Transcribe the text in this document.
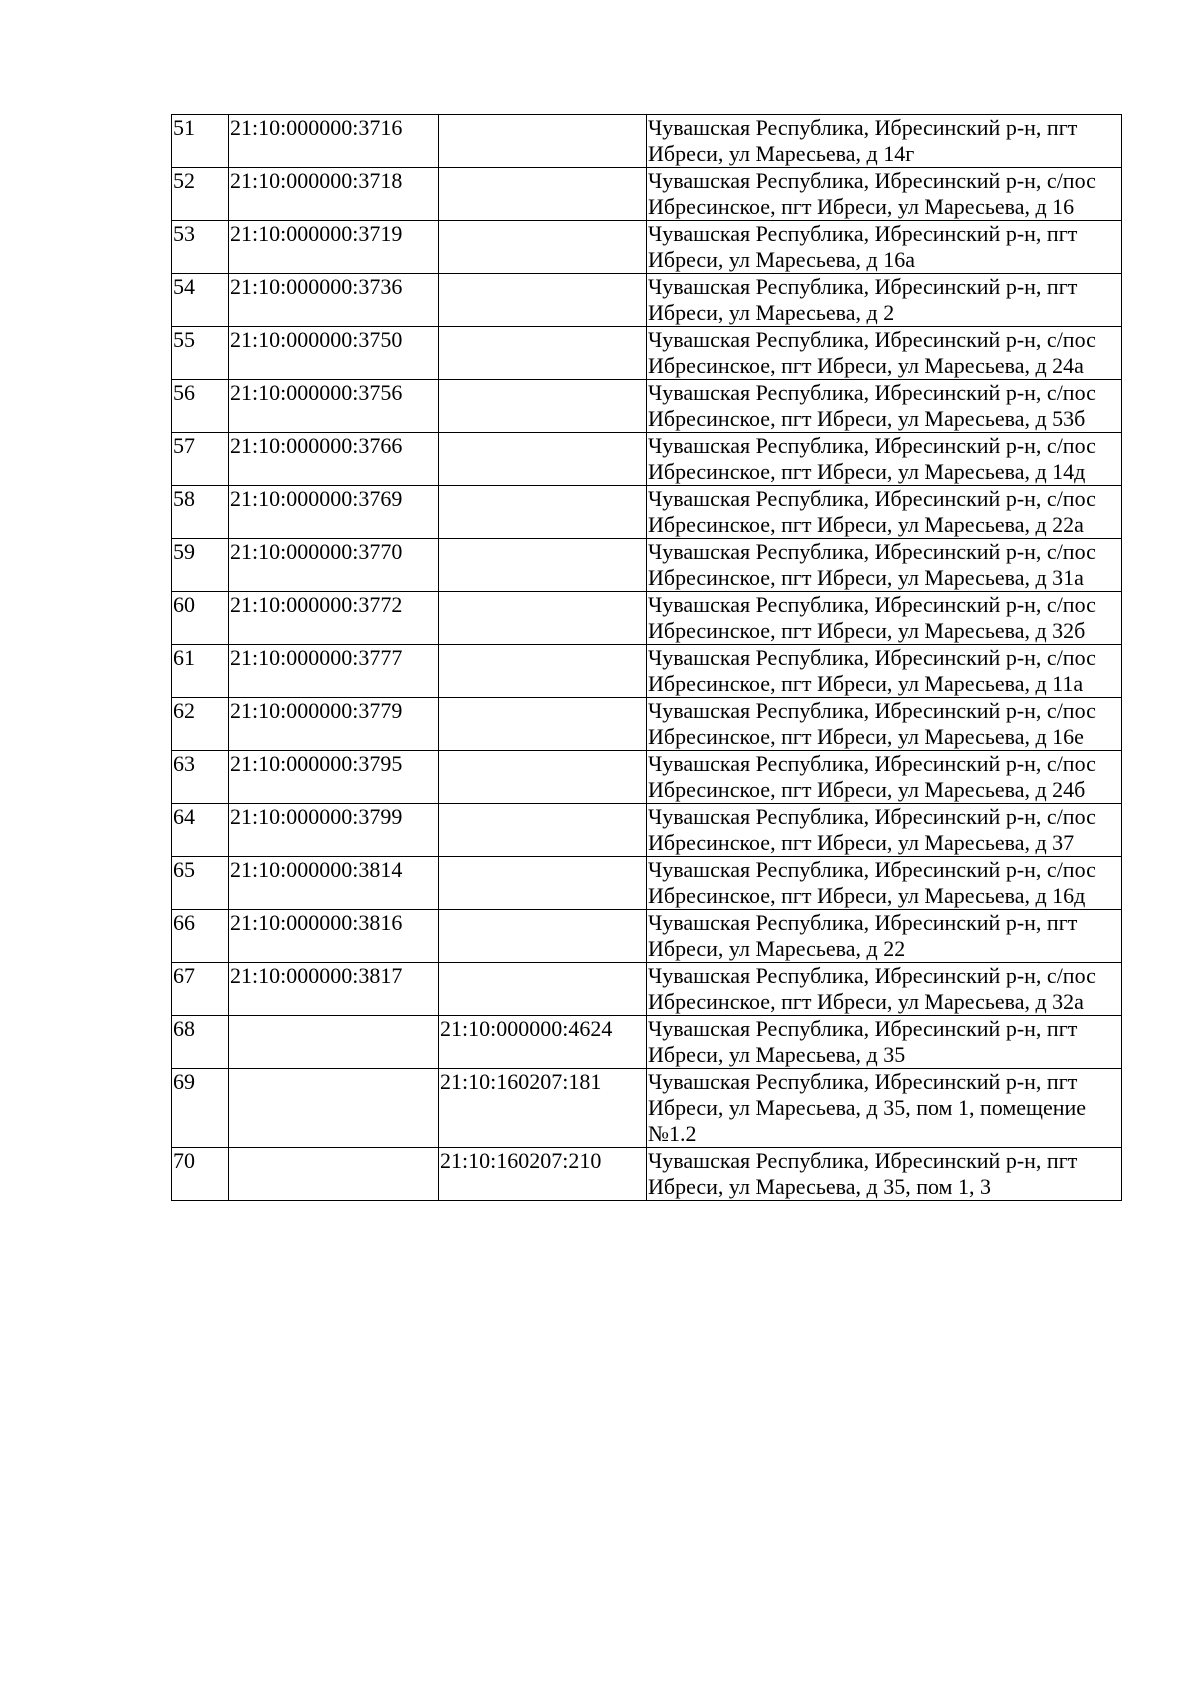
51	21:10:000000:3716		Чувашская Республика, Ибресинский р-н, пгт Ибреси, ул Маресьева, д 14г
52	21:10:000000:3718		Чувашская Республика, Ибресинский р-н, с/пос Ибресинское, пгт Ибреси, ул Маресьева, д 16
53	21:10:000000:3719		Чувашская Республика, Ибресинский р-н, пгт Ибреси, ул Маресьева, д 16а
54	21:10:000000:3736		Чувашская Республика, Ибресинский р-н, пгт Ибреси, ул Маресьева, д 2
55	21:10:000000:3750		Чувашская Республика, Ибресинский р-н, с/пос Ибресинское, пгт Ибреси, ул Маресьева, д 24а
56	21:10:000000:3756		Чувашская Республика, Ибресинский р-н, с/пос Ибресинское, пгт Ибреси, ул Маресьева, д 53б
57	21:10:000000:3766		Чувашская Республика, Ибресинский р-н, с/пос Ибресинское, пгт Ибреси, ул Маресьева, д 14д
58	21:10:000000:3769		Чувашская Республика, Ибресинский р-н, с/пос Ибресинское, пгт Ибреси, ул Маресьева, д 22а
59	21:10:000000:3770		Чувашская Республика, Ибресинский р-н, с/пос Ибресинское, пгт Ибреси, ул Маресьева, д 31а
60	21:10:000000:3772		Чувашская Республика, Ибресинский р-н, с/пос Ибресинское, пгт Ибреси, ул Маресьева, д 32б
61	21:10:000000:3777		Чувашская Республика, Ибресинский р-н, с/пос Ибресинское, пгт Ибреси, ул Маресьева, д 11а
62	21:10:000000:3779		Чувашская Республика, Ибресинский р-н, с/пос Ибресинское, пгт Ибреси, ул Маресьева, д 16е
63	21:10:000000:3795		Чувашская Республика, Ибресинский р-н, с/пос Ибресинское, пгт Ибреси, ул Маресьева, д 24б
64	21:10:000000:3799		Чувашская Республика, Ибресинский р-н, с/пос Ибресинское, пгт Ибреси, ул Маресьева, д 37
65	21:10:000000:3814		Чувашская Республика, Ибресинский р-н, с/пос Ибресинское, пгт Ибреси, ул Маресьева, д 16д
66	21:10:000000:3816		Чувашская Республика, Ибресинский р-н, пгт Ибреси, ул Маресьева, д 22
67	21:10:000000:3817		Чувашская Республика, Ибресинский р-н, с/пос Ибресинское, пгт Ибреси, ул Маресьева, д 32а
68		21:10:000000:4624	Чувашская Республика, Ибресинский р-н, пгт Ибреси, ул Маресьева, д 35
69		21:10:160207:181	Чувашская Республика, Ибресинский р-н, пгт Ибреси, ул Маресьева, д 35, пом 1, помещение №1.2
70		21:10:160207:210	Чувашская Республика, Ибресинский р-н, пгт Ибреси, ул Маресьева, д 35, пом 1, 3
